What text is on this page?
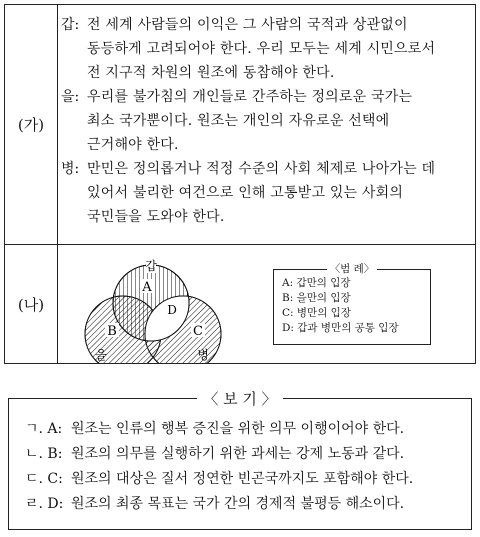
(가)
갑: 전 세계 사람들의 이익은 그 사람의 국적과 상관없이
동등하게 고려되어야 한다. 우리 모두는 세계 시민으로서
전 지구적 차원의 원조에 동참해야 한다.
을: 우리를 불가침의 개인들로 간주하는 정의로운 국가는
최소 국가뿐이다. 원조는 개인의 자유로운 선택에
근거해야 한다.
병: 만민은 정의롭거나 적정 수준의 사회 체제로 나아가는 데
있어서 불리한 여건으로 인해 고통받고 있는 사회의
국민들을 도와야 한다.
(나)
갑
A
B	C
D
을	병
〈범 례〉
A: 갑만의 입장
B: 을만의 입장
C: 병만의 입장
D: 갑과 병만의 공통 입장
ㄱ. A: 원조는 인류의 행복 증진을 위한 의무 이행이어야 한다.
ㄴ. B: 원조의 의무를 실행하기 위한 과세는 강제 노동과 같다.
ㄷ. C: 원조의 대상은 질서 정연한 빈곤국까지도 포함해야 한다.
ㄹ. D: 원조의 최종 목표는 국가 간의 경제적 불평등 해소이다.
〈 보 기 〉
